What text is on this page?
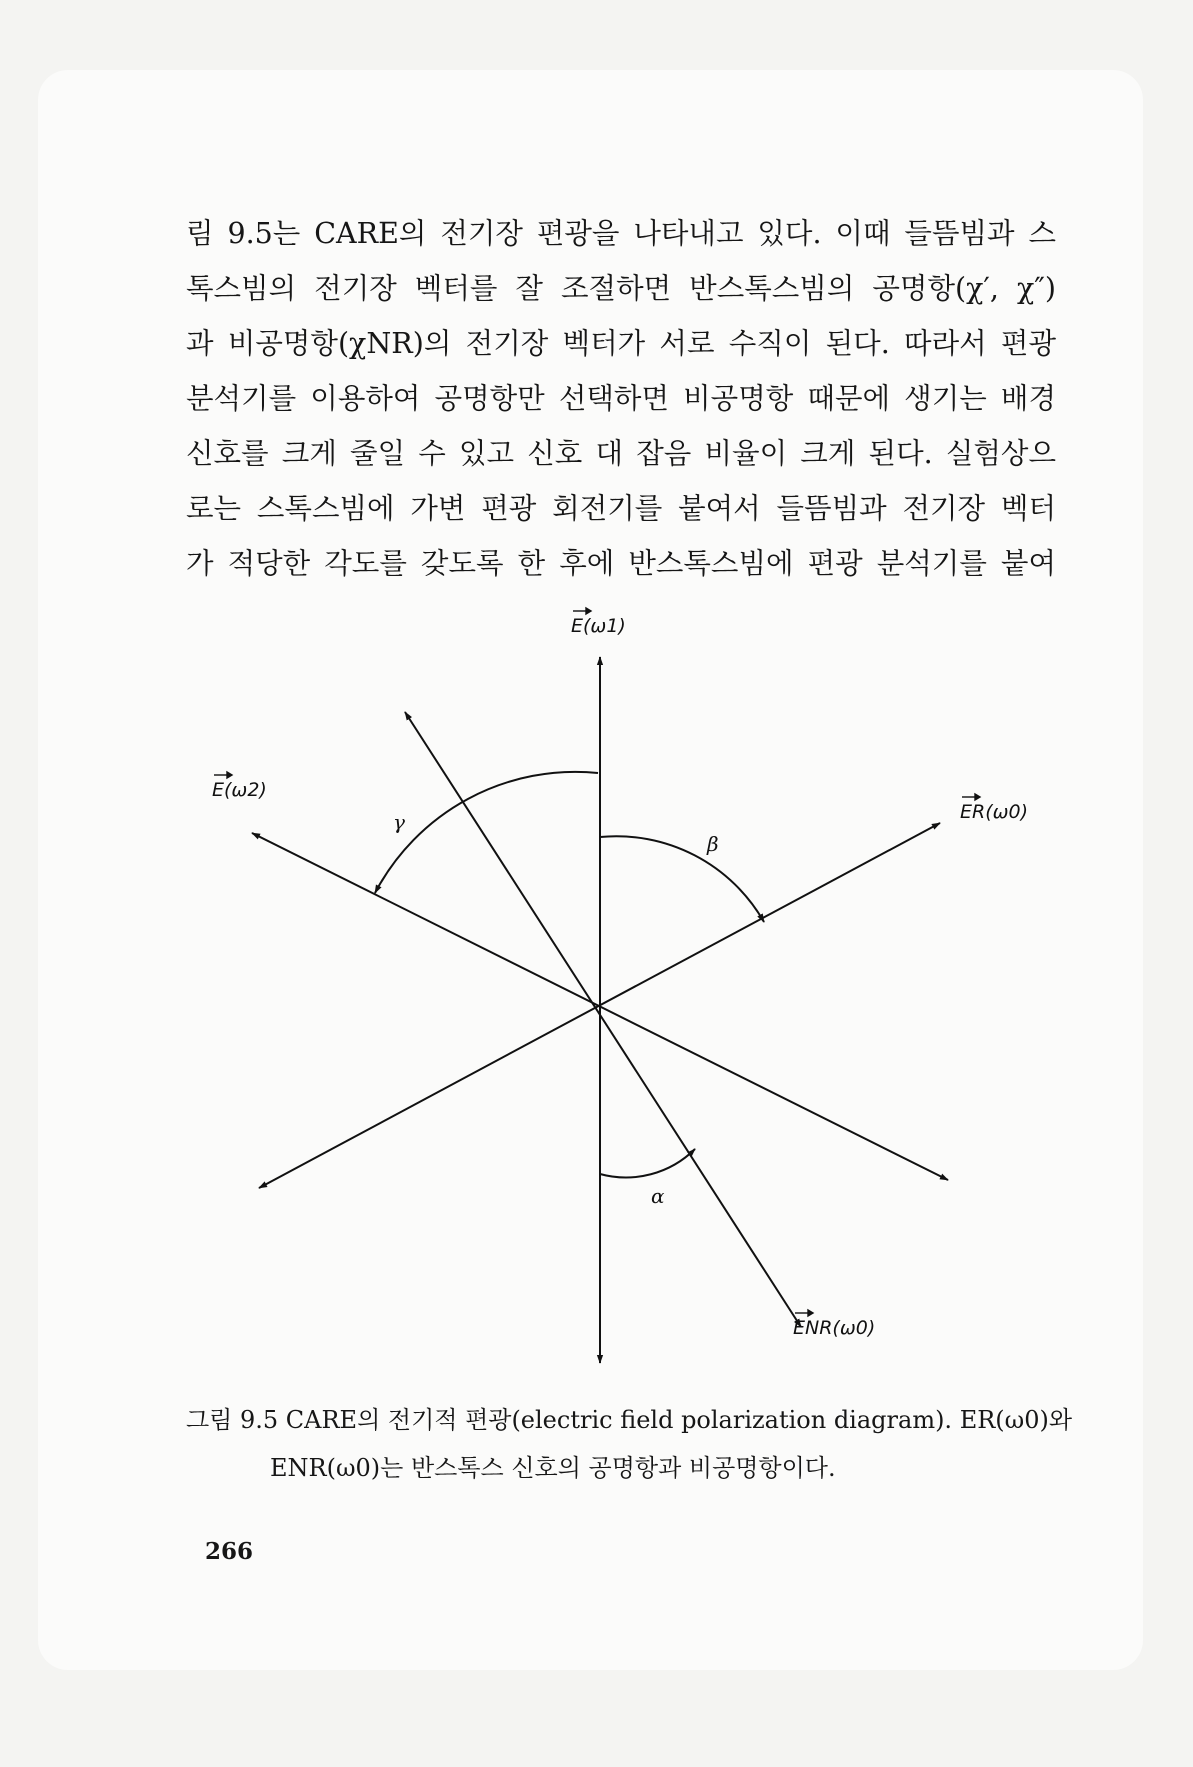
림 9.5는 CARE의 전기장 편광을 나타내고 있다. 이때 들뜸빔과 스
톡스빔의 전기장 벡터를 잘 조절하면 반스톡스빔의 공명항(χ′, χ″)
과 비공명항(χNR)의 전기장 벡터가 서로 수직이 된다. 따라서 편광
분석기를 이용하여 공명항만 선택하면 비공명항 때문에 생기는 배경
신호를 크게 줄일 수 있고 신호 대 잡음 비율이 크게 된다. 실험상으
로는 스톡스빔에 가변 편광 회전기를 붙여서 들뜸빔과 전기장 벡터
가 적당한 각도를 갖도록 한 후에 반스톡스빔에 편광 분석기를 붙여
E(ω1)
E(ω2)
ER(ω0)
ENR(ω0)
γ
β
α
그림 9.5 CARE의 전기적 편광(electric field polarization diagram). ER(ω0)와
ENR(ω0)는 반스톡스 신호의 공명항과 비공명항이다.
266
